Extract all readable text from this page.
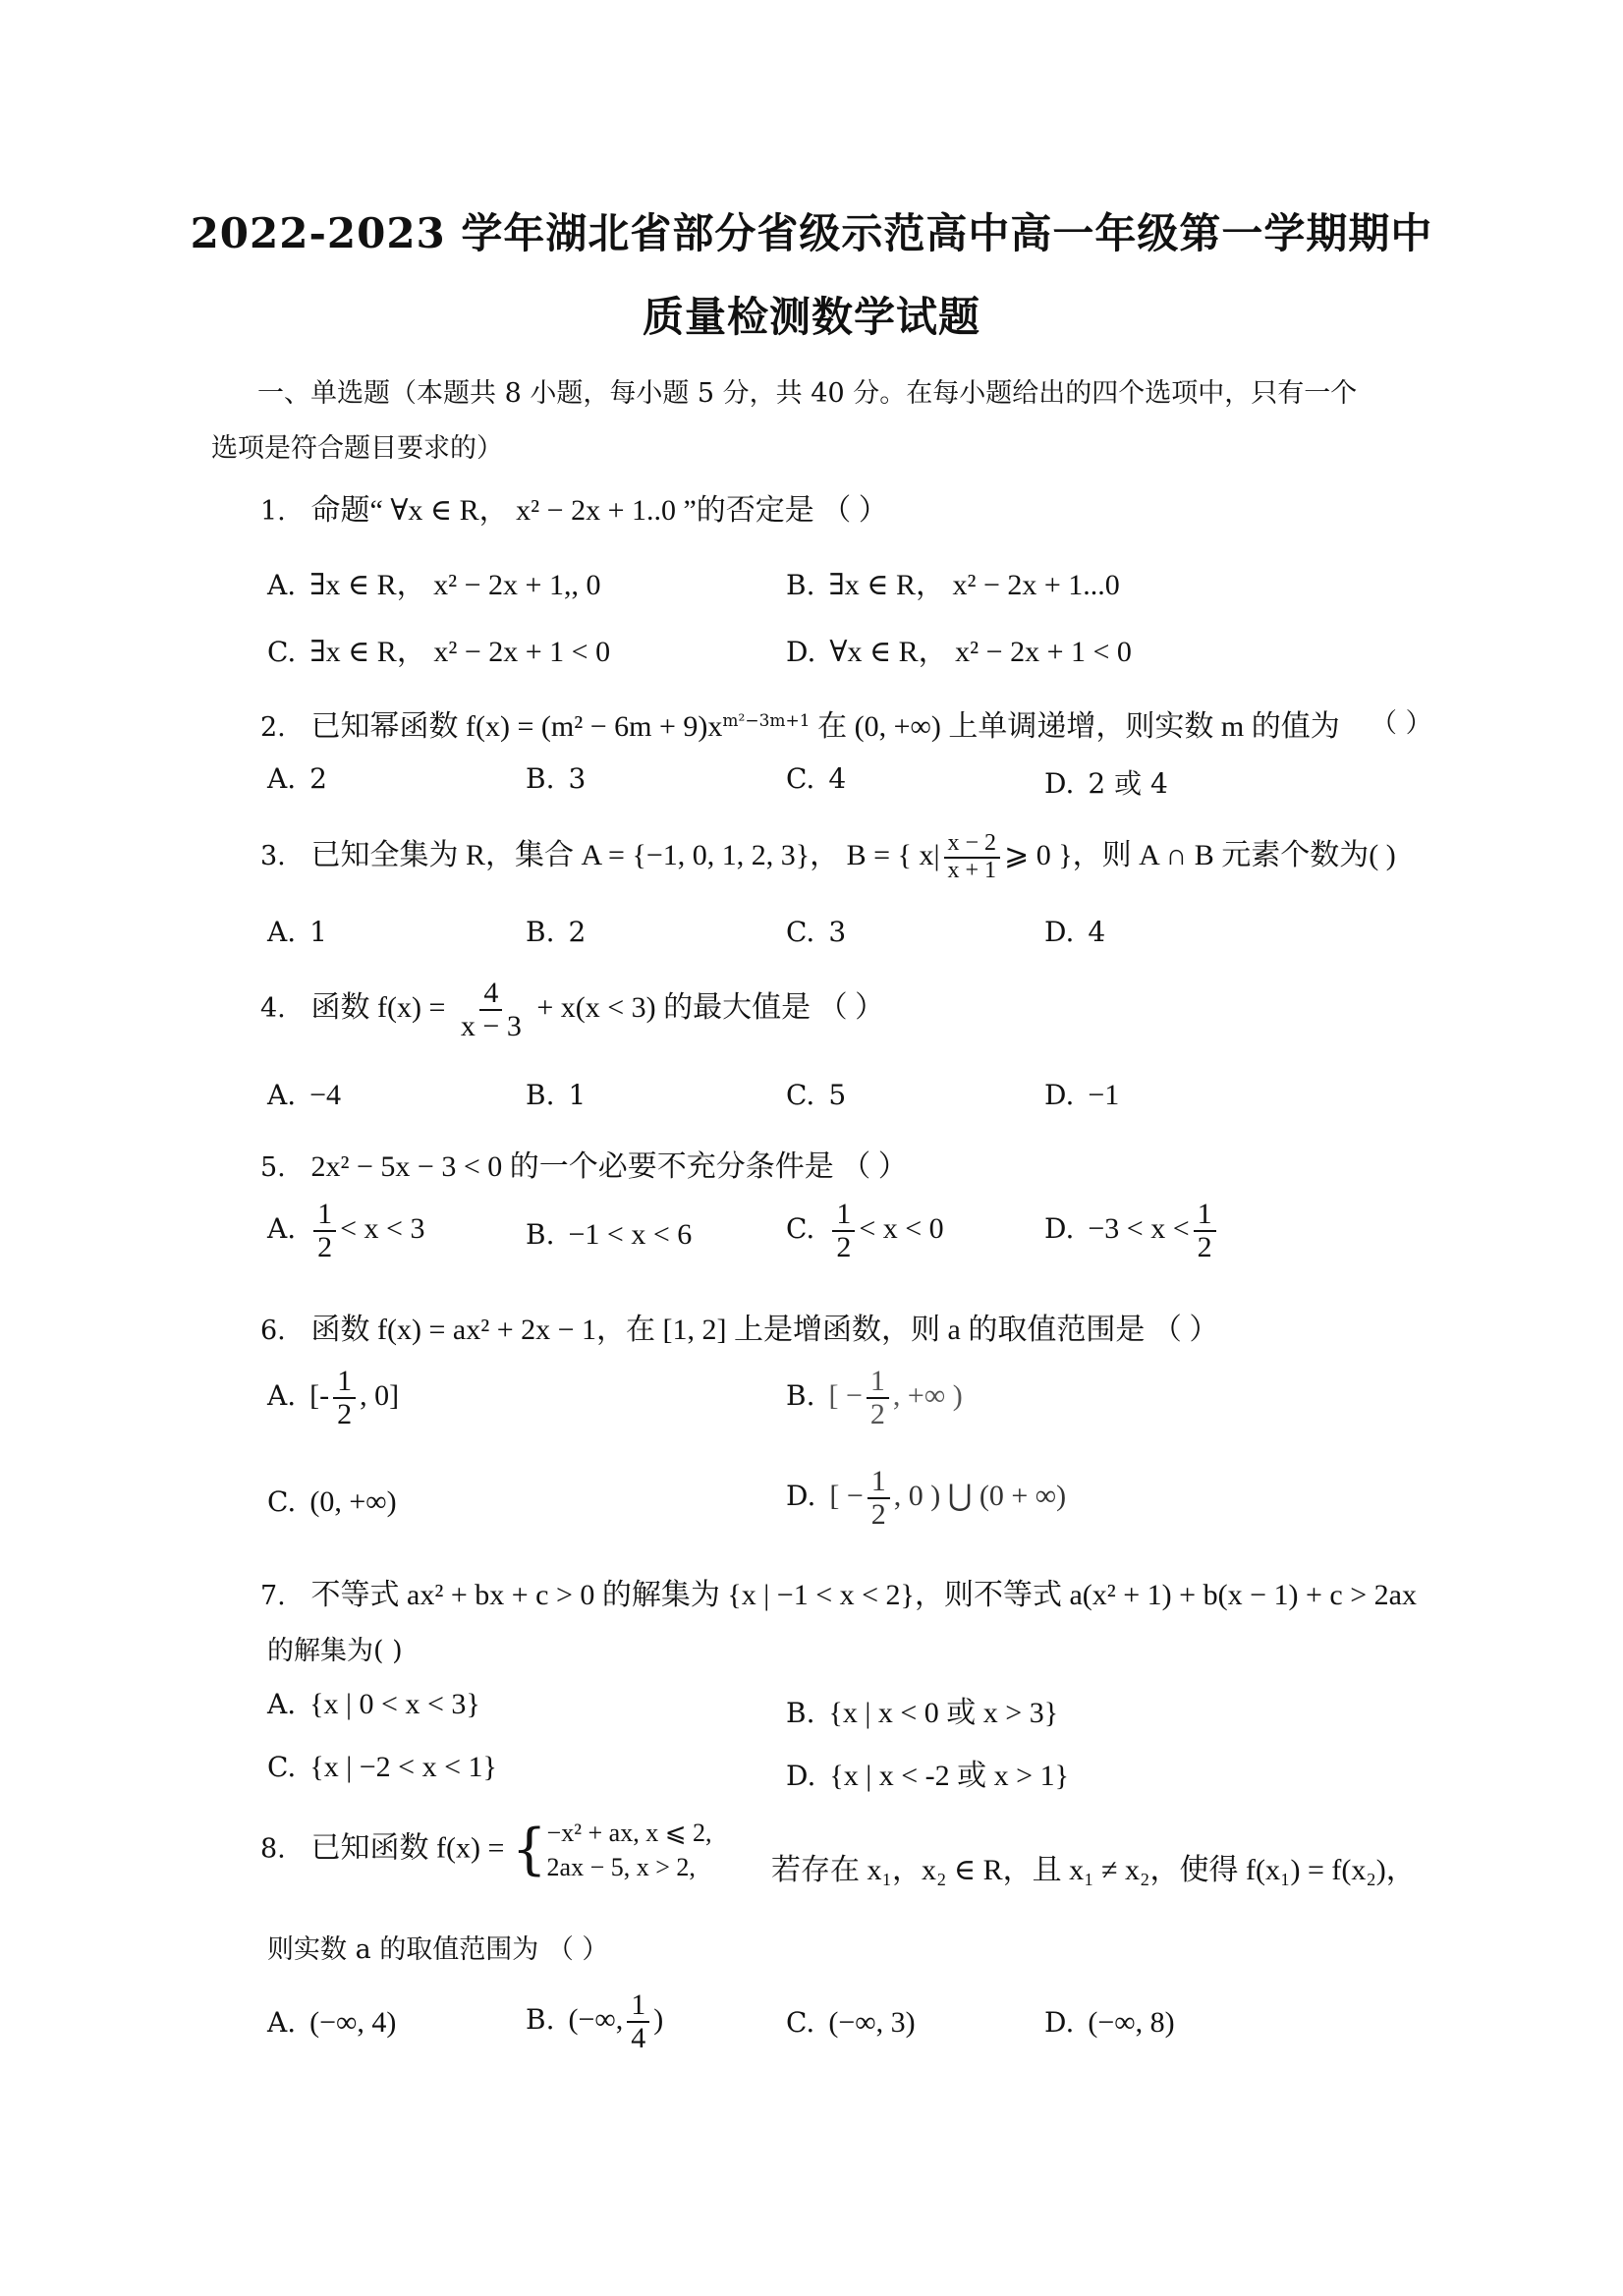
2022-2023 学年湖北省部分省级示范高中高一年级第一学期期中
质量检测数学试题
一、单选题（本题共 8 小题，每小题 5 分，共 40 分。在每小题给出的四个选项中，只有一个
选项是符合题目要求的）
1. 命题“ ∀x ∈ R， x² − 2x + 1..0 ”的否定是 （ ）
A. ∃x ∈ R， x² − 2x + 1,, 0	B. ∃x ∈ R， x² − 2x + 1...0
C. ∃x ∈ R， x² − 2x + 1 < 0	D. ∀x ∈ R， x² − 2x + 1 < 0
2. 已知幂函数 $f(x) = (m^2 - 6m + 9)x^{m^2-3m+1}$ 在 (0, +∞) 上单调递增，则实数 m 的值为 （ ）
A. 2	B. 3	C. 4	D. 2 或 4
3. 已知全集为 R，集合 A = {−1, 0, 1, 2, 3}， B = { $x| \frac{x - 2}{x + 1}$ ⩾ 0 }，则 A ∩ B 元素个数为( )
A. 1	B. 2	C. 3	D. 4
4. 函数 $f(x) = \frac{4}{x - 3} + x(x < 3)$ 的最大值是 （ ）
A. −4	B. 1	C. 5	D. −1
5. 2x² − 5x − 3 < 0 的一个必要不充分条件是 （ ）
A. $\frac{1}{2} < x < 3$	B. −1 < x < 6	C. $\frac{1}{2} < x < 0$	D. $-3 < x < \frac{1}{2}$
6. 函数 f(x) = ax² + 2x − 1，在 [1, 2] 上是增函数，则 a 的取值范围是 （ ）
A. [- $\frac{1}{2}$ , 0]	B. [ − $\frac{1}{2}$ , +∞ )
C. (0, +∞)	D. [ − $\frac{1}{2}$ , 0 ) ⋃ (0 + ∞)
7. 不等式 ax² + bx + c > 0 的解集为 {x | −1 < x < 2}，则不等式 a(x² + 1) + b(x − 1) + c > 2ax
的解集为( )
A. {x | 0 < x < 3}	B. {x | x < 0 或 x > 3}
C. {x | −2 < x < 1}	D. {x | x < -2 或 x > 1}
8. 已知函数 f(x) = { −x² + ax, x ⩽ 2,
2ax − 5, x > 2,	若存在 x₁，x₂ ∈ R，且 x₁ ≠ x₂，使得 f(x₁) = f(x₂)，
则实数 a 的取值范围为 （ ）
A. (−∞, 4)	B. (−∞, $\frac{1}{4}$ )	C. (−∞, 3)	D. (−∞, 8)
